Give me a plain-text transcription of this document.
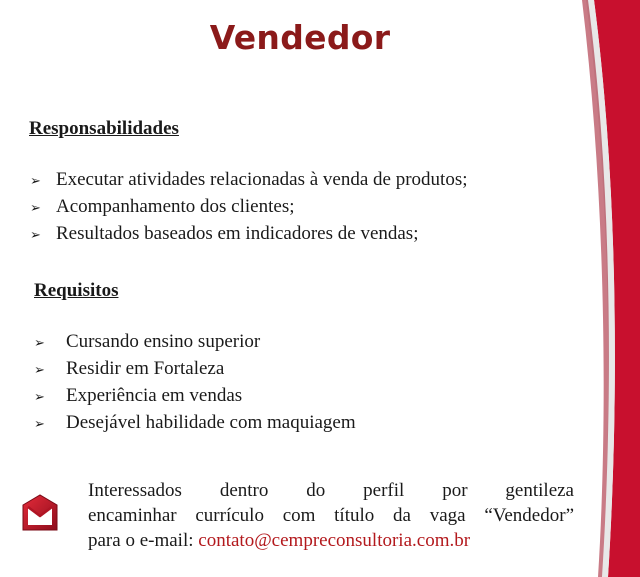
Vendedor
Responsabilidades
➢ Executar atividades relacionadas à venda de produtos;
➢ Acompanhamento dos clientes;
➢ Resultados baseados em indicadores de vendas;
Requisitos
➢	Cursando ensino superior
➢	Residir em Fortaleza
➢	Experiência em vendas
➢	Desejável habilidade com maquiagem
Interessados dentro do perfil por gentileza
encaminhar currículo com título da vaga “Vendedor”
para o e-mail: contato@cempreconsultoria.com.br
